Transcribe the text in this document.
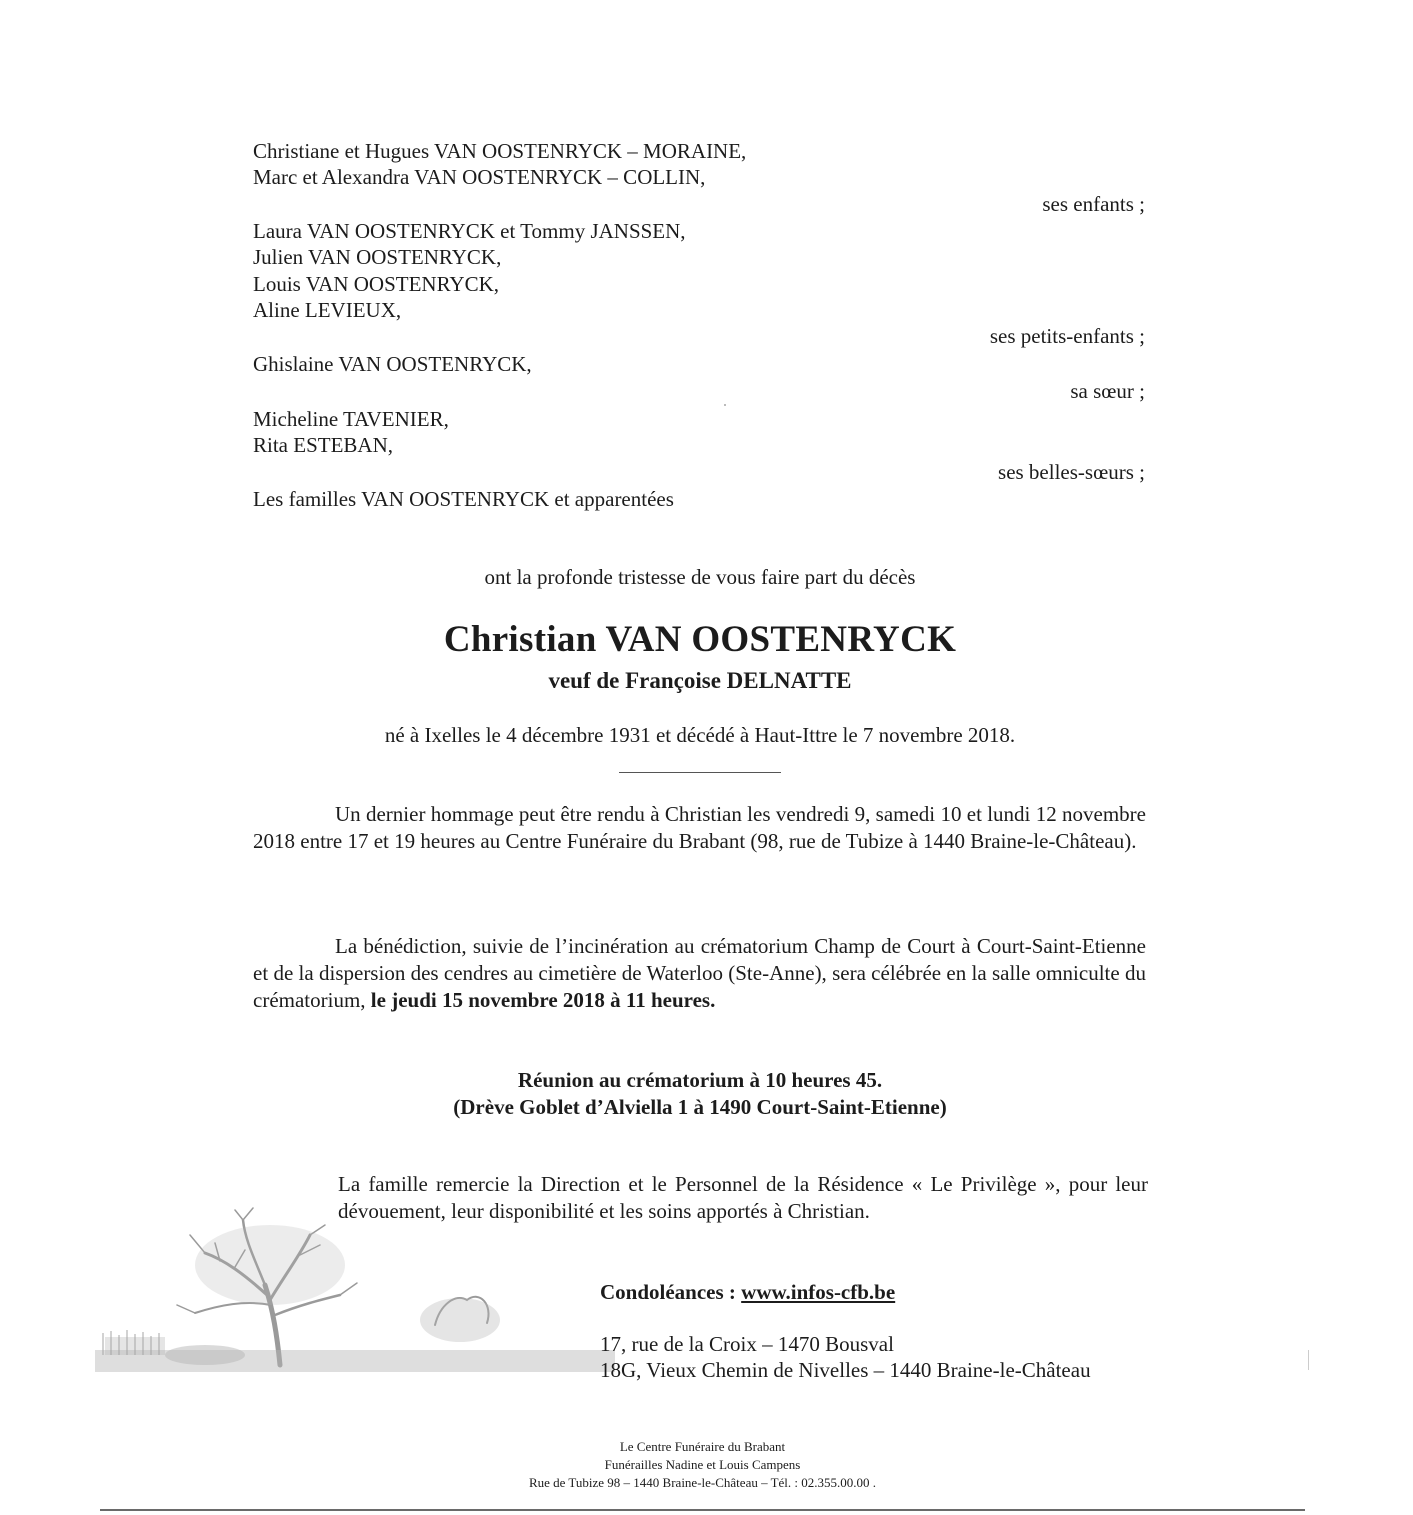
Christiane et Hugues VAN OOSTENRYCK – MORAINE,
Marc et Alexandra VAN OOSTENRYCK – COLLIN,
ses enfants ;
Laura VAN OOSTENRYCK et Tommy JANSSEN,
Julien VAN OOSTENRYCK,
Louis VAN OOSTENRYCK,
Aline LEVIEUX,
ses petits-enfants ;
Ghislaine VAN OOSTENRYCK,
sa sœur ;
Micheline TAVENIER,
Rita ESTEBAN,
ses belles-sœurs ;
Les familles VAN OOSTENRYCK et apparentées
ont la profonde tristesse de vous faire part du décès
Christian VAN OOSTENRYCK
veuf de Françoise DELNATTE
né à Ixelles le 4 décembre 1931 et décédé à Haut-Ittre le 7 novembre 2018.
Un dernier hommage peut être rendu à Christian les vendredi 9, samedi 10 et lundi 12 novembre 2018 entre 17 et 19 heures au Centre Funéraire du Brabant (98, rue de Tubize à 1440 Braine-le-Château).
La bénédiction, suivie de l’incinération au crématorium Champ de Court à Court-Saint-Etienne et de la dispersion des cendres au cimetière de Waterloo (Ste-Anne), sera célébrée en la salle omniculte du crématorium, le jeudi 15 novembre 2018 à 11 heures.
Réunion au crématorium à 10 heures 45.
(Drève Goblet d’Alviella 1 à 1490 Court-Saint-Etienne)
La famille remercie la Direction et le Personnel de la Résidence « Le Privilège », pour leur dévouement, leur disponibilité et les soins apportés à Christian.
Condoléances : www.infos-cfb.be
17, rue de la Croix – 1470 Bousval
18G, Vieux Chemin de Nivelles – 1440 Braine-le-Château
Le Centre Funéraire du Brabant
Funérailles Nadine et Louis Campens
Rue de Tubize 98 – 1440 Braine-le-Château – Tél. : 02.355.00.00 .
